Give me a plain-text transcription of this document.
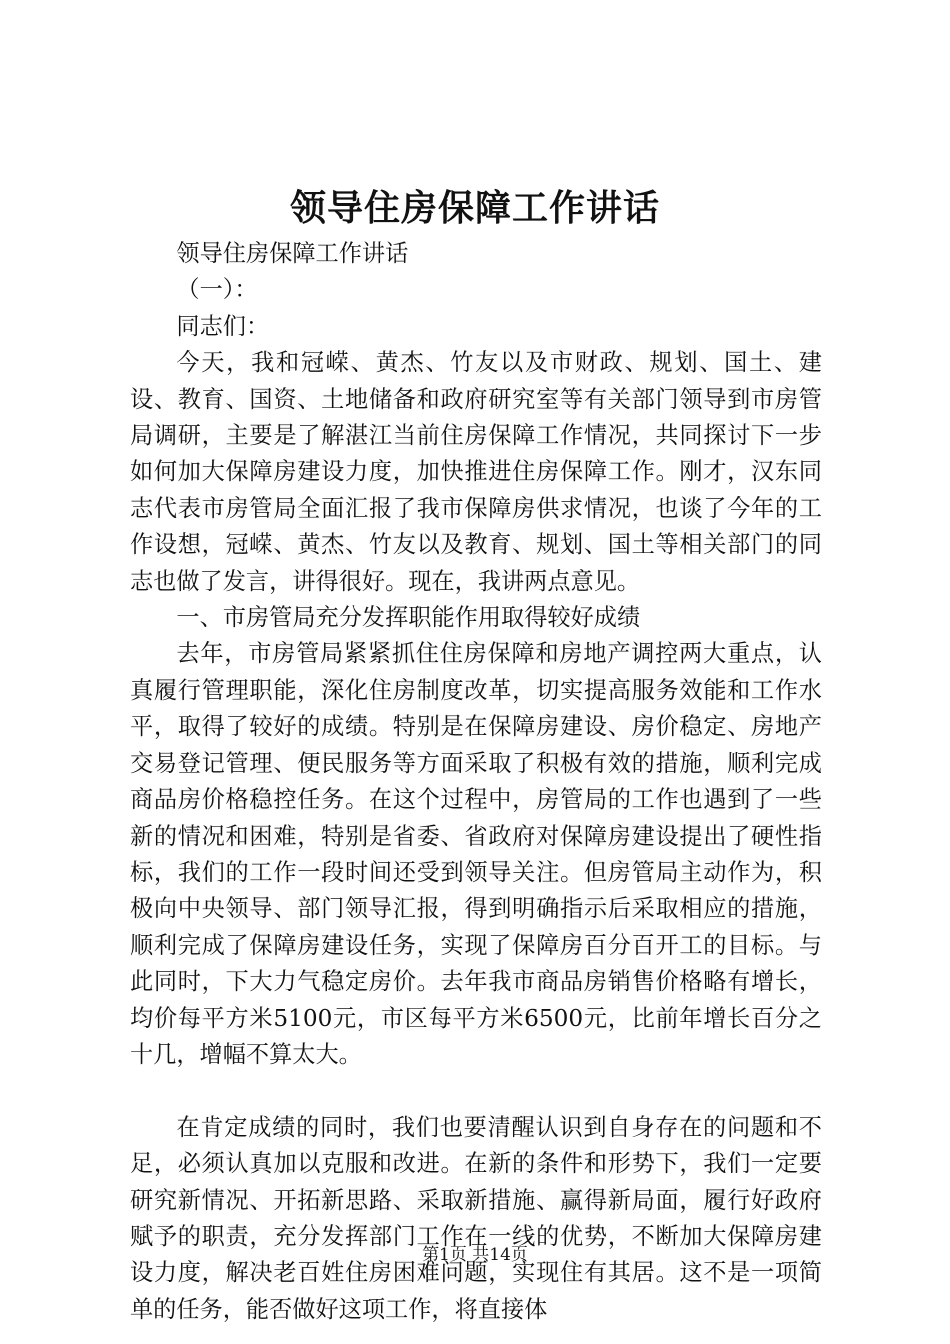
领导住房保障工作讲话

领导住房保障工作讲话

（一）：

同志们：

今天，我和冠嵘、黄杰、竹友以及市财政、规划、国土、建设、教育、国资、土地储备和政府研究室等有关部门领导到市房管局调研，主要是了解湛江当前住房保障工作情况，共同探讨下一步如何加大保障房建设力度，加快推进住房保障工作。刚才，汉东同志代表市房管局全面汇报了我市保障房供求情况，也谈了今年的工作设想，冠嵘、黄杰、竹友以及教育、规划、国土等相关部门的同志也做了发言，讲得很好。现在，我讲两点意见。

一、市房管局充分发挥职能作用取得较好成绩

去年，市房管局紧紧抓住住房保障和房地产调控两大重点，认真履行管理职能，深化住房制度改革，切实提高服务效能和工作水平，取得了较好的成绩。特别是在保障房建设、房价稳定、房地产交易登记管理、便民服务等方面采取了积极有效的措施，顺利完成商品房价格稳控任务。在这个过程中，房管局的工作也遇到了一些新的情况和困难，特别是省委、省政府对保障房建设提出了硬性指标，我们的工作一段时间还受到领导关注。但房管局主动作为，积极向中央领导、部门领导汇报，得到明确指示后采取相应的措施，顺利完成了保障房建设任务，实现了保障房百分百开工的目标。与此同时，下大力气稳定房价。去年我市商品房销售价格略有增长，均价每平方米5100元，市区每平方米6500元，比前年增长百分之十几，增幅不算太大。

在肯定成绩的同时，我们也要清醒认识到自身存在的问题和不足，必须认真加以克服和改进。在新的条件和形势下，我们一定要研究新情况、开拓新思路、采取新措施、赢得新局面，履行好政府赋予的职责，充分发挥部门工作在一线的优势，不断加大保障房建设力度，解决老百姓住房困难问题，实现住有其居。这不是一项简单的任务，能否做好这项工作，将直接体

第1页 共14页
